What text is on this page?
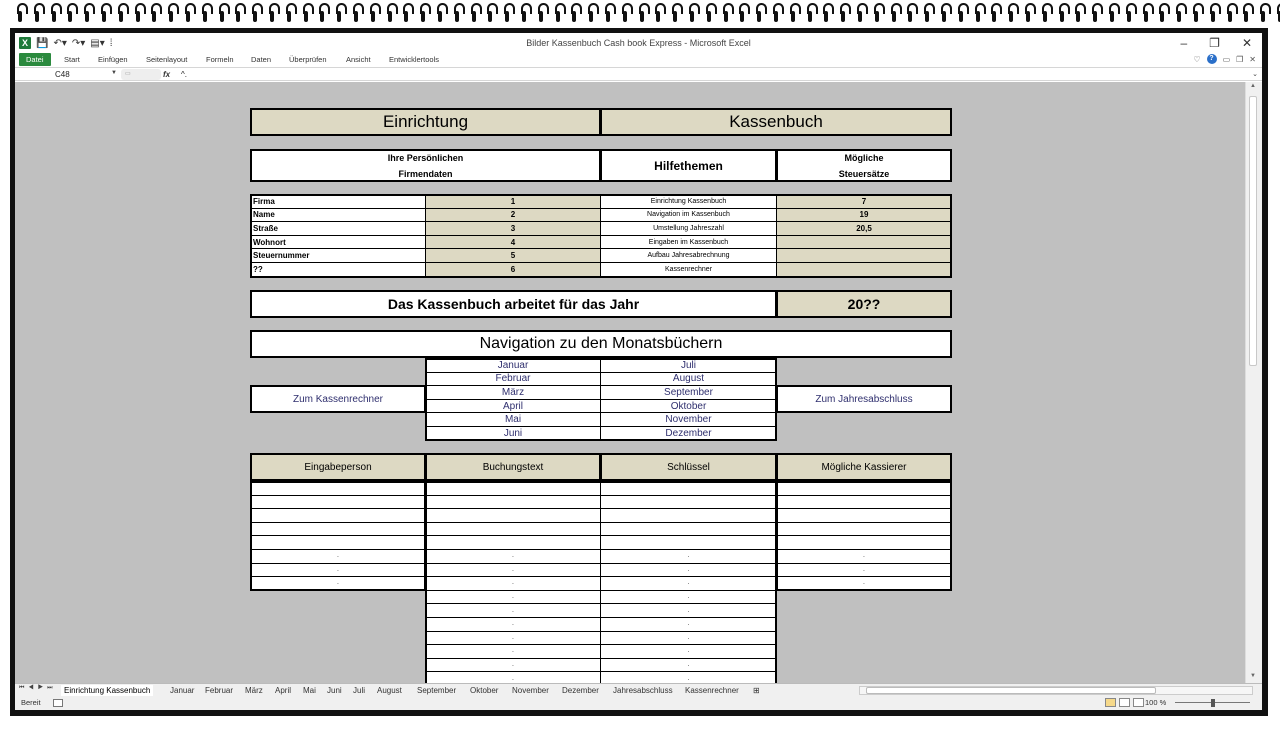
X 💾 ↶▾ ↷▾ ▤▾ ⁞	Bilder Kassenbuch Cash book Express - Microsoft Excel	– ❐ ✕
Datei	Start Einfügen Seitenlayout Formeln Daten Überprüfen	Ansicht Entwicklertools	♡	?	▭ ❐ ✕
C48	▼	▭	fx ^.	⌄
Einrichtung	Kassenbuch
Ihre Persönlichen
Firmendaten
Hilfethemen
Mögliche
Steuersätze
Firma	1	Einrichtung Kassenbuch	7
Name	2	Navigation im Kassenbuch	19
Straße	3	Umstellung Jahreszahl	20,5
Wohnort	4	Eingaben im Kassenbuch
Steuernummer	5	Aufbau Jahresabrechnung
??	6	Kassenrechner
Das Kassenbuch arbeitet für das Jahr	20??
Navigation zu den Monatsbüchern
Januar	Juli
Februar	August
März	September
April	Oktober
Mai	November
Juni	Dezember
Zum Kassenrechner	Zum Jahresabschluss
Eingabeperson	Buchungstext	Schlüssel	Mögliche Kassierer
.	.
.	.
.	.
.	.
.	.
.	.
.	.
.	.
.	.
.	.
.	.
.	.
.	.
▲
▼
⏮◀▶⏭ Einrichtung Kassenbuch	Januar Februar März April Mai Juni Juli August September Oktober November Dezember Jahresabschluss Kassenrechner ⊞
Bereit	100 %
